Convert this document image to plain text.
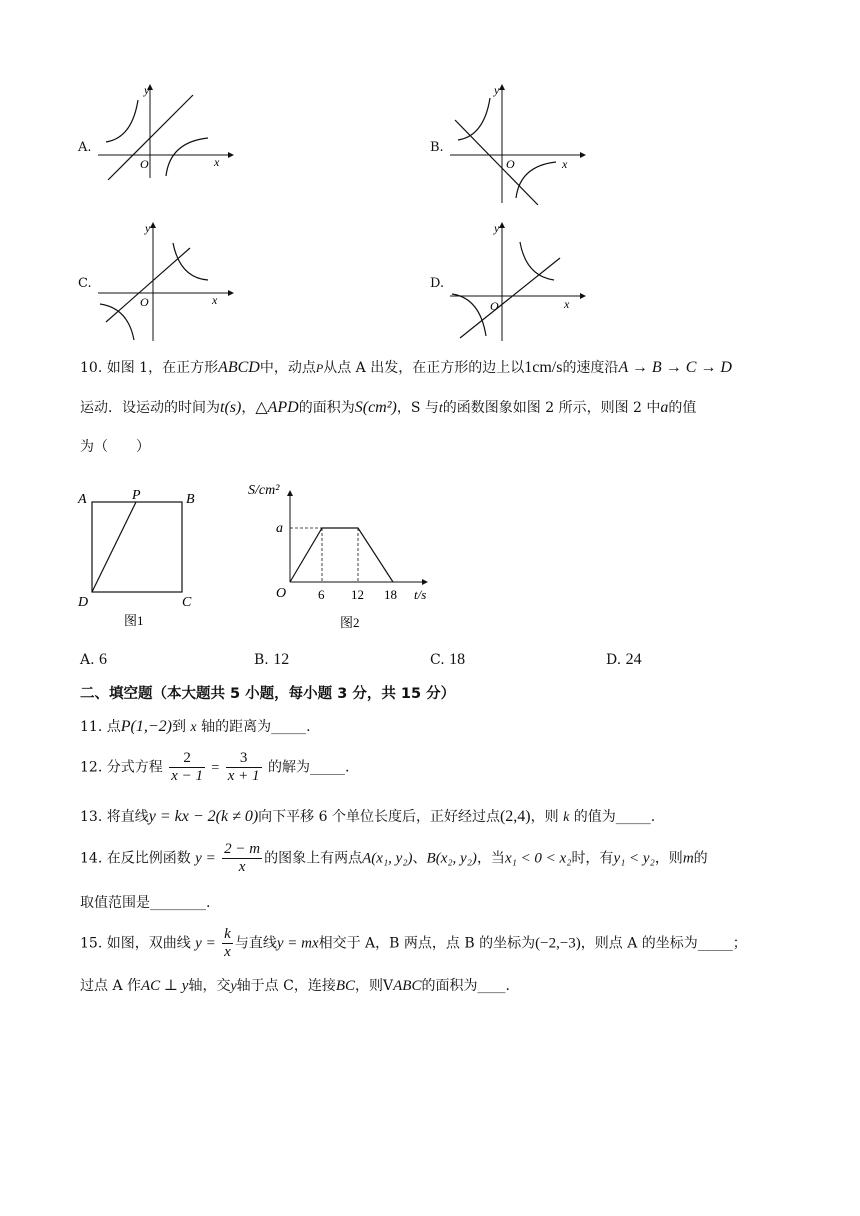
A.
O
y
x
B.
O
y
x
C.
O
y
x
D.
O
y
x
10. 如图 1，在正方形ABCD中，动点P从点 A 出发，在正方形的边上以1cm/s的速度沿A → B → C → D
运动．设运动的时间为t(s)，△APD的面积为S(cm²)，S 与t的函数图象如图 2 所示，则图 2 中a的值
为（　　）
A	B
C
D
P
图1
S/cm²
a
O 6 12 18 t/s
图2
A. 6	B. 12	C. 18	D. 24
二、填空题（本大题共 5 小题，每小题 3 分，共 15 分）
11. 点P(1,−2)到 x 轴的距离为_____.
12. 分式方程 $\frac{2}{x - 1} = \frac{3}{x + 1}$ 的解为_____.
13. 将直线y = kx − 2(k ≠ 0)向下平移 6 个单位长度后，正好经过点(2,4)，则 k 的值为_____.
14. 在反比例函数 $y = \frac{2 - m}{x}$ 的图象上有两点A(x₁, y₂)、B(x₂, y₂)，当x₁ < 0 < x₂时，有y₁ < y₂，则m的
取值范围是________.
15. 如图，双曲线 $y = \frac{k}{x}$ 与直线y = mx相交于 A，B 两点，点 B 的坐标为(−2,−3)，则点 A 的坐标为_____；
过点 A 作AC ⊥ y轴，交y轴于点 C，连接BC，则VABC的面积为____.
